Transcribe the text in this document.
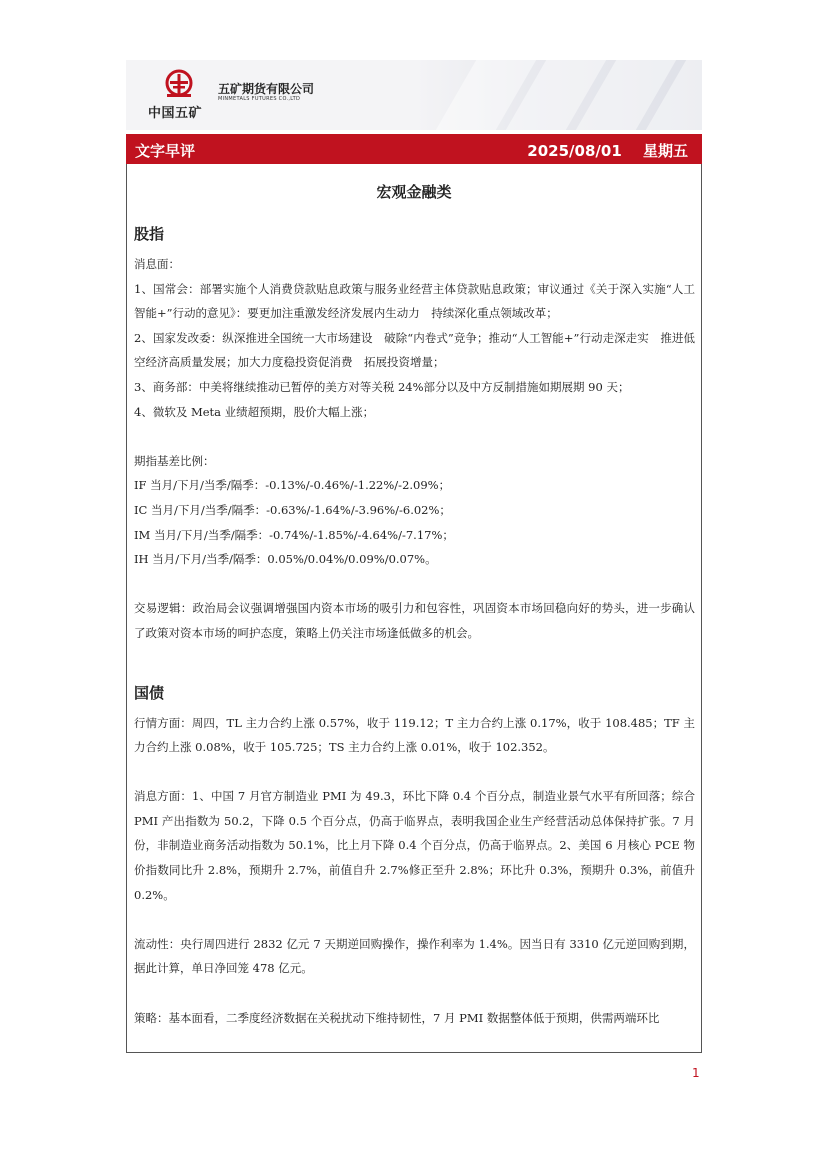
中国五矿
五矿期货有限公司
MINMETALS FUTURES CO.,LTD
文字早评	2025/08/01 星期五
宏观金融类
股指
消息面：
1、国常会：部署实施个人消费贷款贴息政策与服务业经营主体贷款贴息政策；审议通过《关于深入实施“人工智能+”行动的意见》：要更加注重激发经济发展内生动力　持续深化重点领域改革；
2、国家发改委：纵深推进全国统一大市场建设　破除“内卷式”竞争；推动“人工智能+”行动走深走实　推进低空经济高质量发展；加大力度稳投资促消费　拓展投资增量；
3、商务部：中美将继续推动已暂停的美方对等关税 24%部分以及中方反制措施如期展期 90 天；
4、微软及 Meta 业绩超预期，股价大幅上涨；
期指基差比例：
IF 当月/下月/当季/隔季：-0.13%/-0.46%/-1.22%/-2.09%；
IC 当月/下月/当季/隔季：-0.63%/-1.64%/-3.96%/-6.02%；
IM 当月/下月/当季/隔季：-0.74%/-1.85%/-4.64%/-7.17%；
IH 当月/下月/当季/隔季：0.05%/0.04%/0.09%/0.07%。
交易逻辑：政治局会议强调增强国内资本市场的吸引力和包容性，巩固资本市场回稳向好的势头，进一步确认了政策对资本市场的呵护态度，策略上仍关注市场逢低做多的机会。
国债
行情方面：周四，TL 主力合约上涨 0.57%，收于 119.12；T 主力合约上涨 0.17%，收于 108.485；TF 主力合约上涨 0.08%，收于 105.725；TS 主力合约上涨 0.01%，收于 102.352。
消息方面：1、中国 7 月官方制造业 PMI 为 49.3，环比下降 0.4 个百分点，制造业景气水平有所回落；综合 PMI 产出指数为 50.2，下降 0.5 个百分点，仍高于临界点，表明我国企业生产经营活动总体保持扩张。7 月份，非制造业商务活动指数为 50.1%，比上月下降 0.4 个百分点，仍高于临界点。2、美国 6 月核心 PCE 物价指数同比升 2.8%，预期升 2.7%，前值自升 2.7%修正至升 2.8%；环比升 0.3%，预期升 0.3%，前值升 0.2%。
流动性：央行周四进行 2832 亿元 7 天期逆回购操作，操作利率为 1.4%。因当日有 3310 亿元逆回购到期，据此计算，单日净回笼 478 亿元。
策略：基本面看，二季度经济数据在关税扰动下维持韧性，7 月 PMI 数据整体低于预期，供需两端环比
1
